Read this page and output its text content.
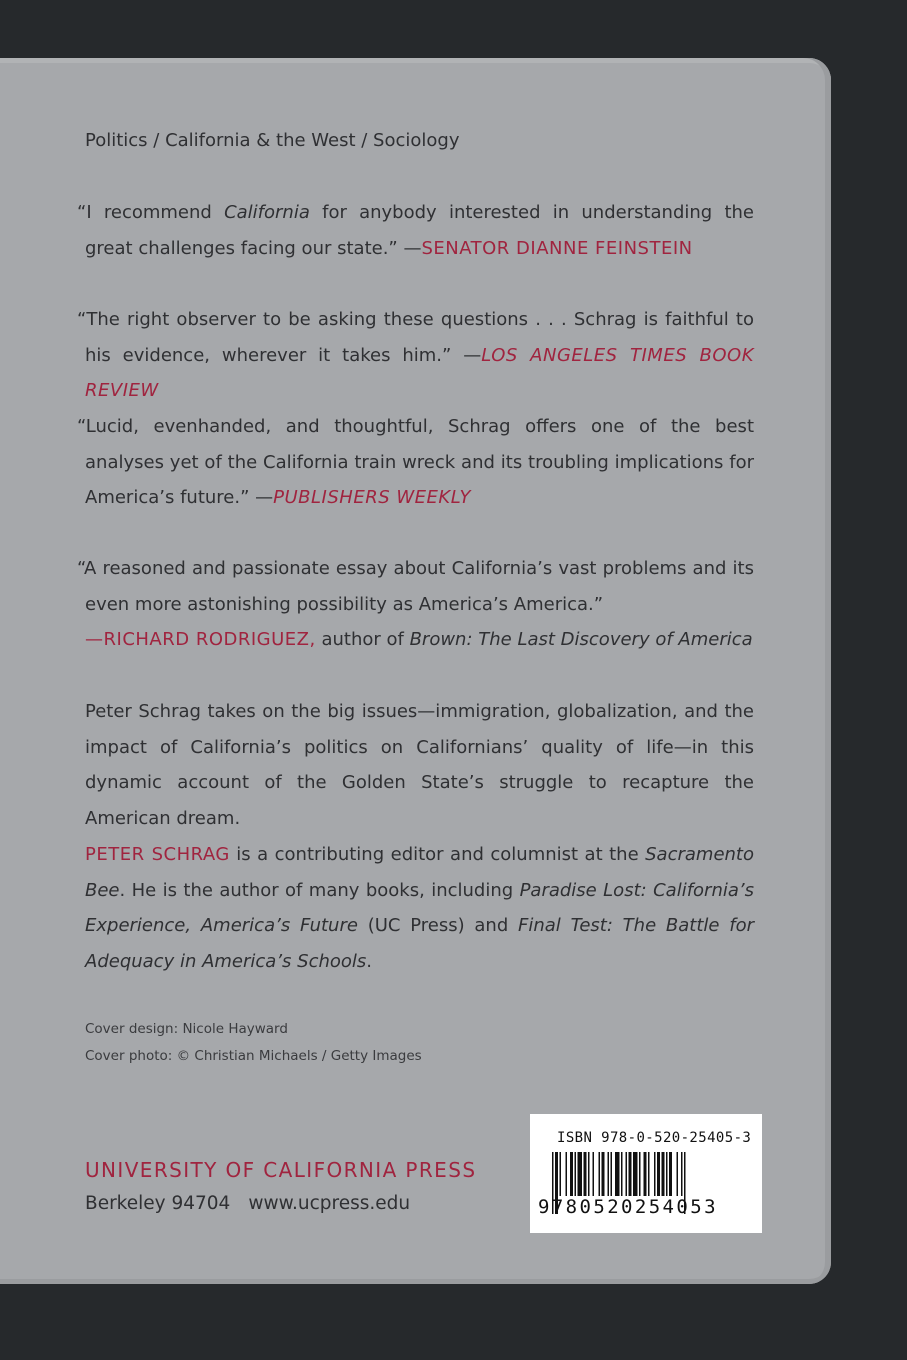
Politics / California & the West / Sociology
“I recommend California for anybody interested in understanding the great challenges facing our state.” —SENATOR DIANNE FEINSTEIN
“The right observer to be asking these questions . . . Schrag is faithful to his evidence, wherever it takes him.” —LOS ANGELES TIMES BOOK REVIEW
“Lucid, evenhanded, and thoughtful, Schrag offers one of the best analyses yet of the California train wreck and its troubling implications for America’s future.” —PUBLISHERS WEEKLY
“A reasoned and passionate essay about California’s vast problems and its even more astonishing possibility as America’s America.”
—RICHARD RODRIGUEZ, author of Brown: The Last Discovery of America
Peter Schrag takes on the big issues—immigration, globalization, and the impact of California’s politics on Californians’ quality of life—in this dynamic account of the Golden State’s struggle to recapture the American dream.
PETER SCHRAG is a contributing editor and columnist at the Sacramento Bee. He is the author of many books, including Paradise Lost: California’s Experience, America’s Future (UC Press) and Final Test: The Battle for Adequacy in America’s Schools.
Cover design: Nicole Hayward
Cover photo: © Christian Michaels / Getty Images
UNIVERSITY OF CALIFORNIA PRESS
Berkeley 94704 www.ucpress.edu
ISBN 978-0-520-25405-3
9780520254053
